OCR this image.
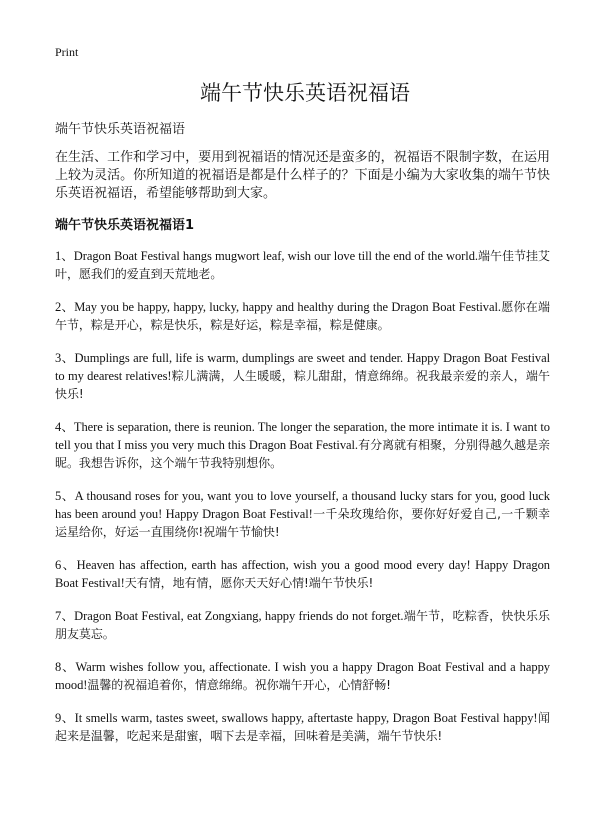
Print
端午节快乐英语祝福语

端午节快乐英语祝福语

在生活、工作和学习中，要用到祝福语的情况还是蛮多的，祝福语不限制字数，在运用上较为灵活。你所知道的祝福语是都是什么样子的？下面是小编为大家收集的端午节快乐英语祝福语，希望能够帮助到大家。

端午节快乐英语祝福语1
1、Dragon Boat Festival hangs mugwort leaf, wish our love till the end of the world.端午佳节挂艾叶，愿我们的爱直到天荒地老。
2、May you be happy, happy, lucky, happy and healthy during the Dragon Boat Festival.愿你在端午节，粽是开心，粽是快乐，粽是好运，粽是幸福，粽是健康。
3、Dumplings are full, life is warm, dumplings are sweet and tender. Happy Dragon Boat Festival to my dearest relatives!粽儿满满，人生暖暖，粽儿甜甜，情意绵绵。祝我最亲爱的亲人，端午快乐!
4、There is separation, there is reunion. The longer the separation, the more intimate it is. I want to tell you that I miss you very much this Dragon Boat Festival.有分离就有相聚，分别得越久越是亲昵。我想告诉你，这个端午节我特别想你。
5、A thousand roses for you, want you to love yourself, a thousand lucky stars for you, good luck has been around you! Happy Dragon Boat Festival!一千朵玫瑰给你，要你好好爱自己,一千颗幸运星给你，好运一直围绕你!祝端午节愉快!
6、Heaven has affection, earth has affection, wish you a good mood every day! Happy Dragon Boat Festival!天有情，地有情，愿你天天好心情!端午节快乐!
7、Dragon Boat Festival, eat Zongxiang, happy friends do not forget.端午节，吃粽香，快快乐乐朋友莫忘。
8、Warm wishes follow you, affectionate. I wish you a happy Dragon Boat Festival and a happy mood!温馨的祝福追着你，情意绵绵。祝你端午开心，心情舒畅!
9、It smells warm, tastes sweet, swallows happy, aftertaste happy, Dragon Boat Festival happy!闻起来是温馨，吃起来是甜蜜，咽下去是幸福，回味着是美满，端午节快乐!
